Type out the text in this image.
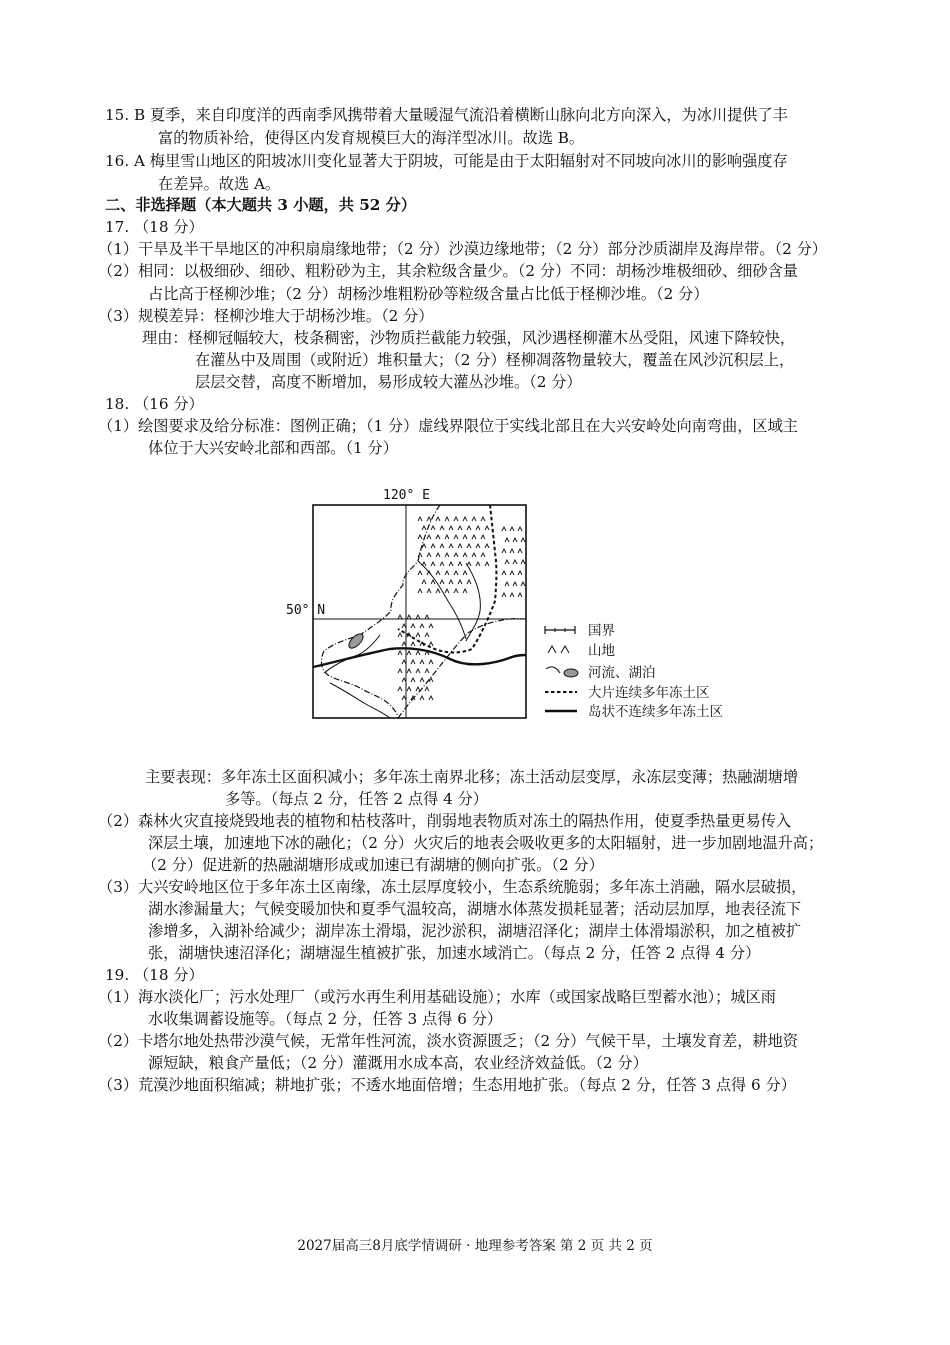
15. B 夏季，来自印度洋的西南季风携带着大量暖湿气流沿着横断山脉向北方向深入，为冰川提供了丰
富的物质补给，使得区内发育规模巨大的海洋型冰川。故选 B。
16. A 梅里雪山地区的阳坡冰川变化显著大于阴坡，可能是由于太阳辐射对不同坡向冰川的影响强度存
在差异。故选 A。
二、非选择题（本大题共 3 小题，共 52 分）
17. （18 分）
（1）干旱及半干旱地区的冲积扇扇缘地带；（2 分）沙漠边缘地带；（2 分）部分沙质湖岸及海岸带。（2 分）
（2）相同：以极细砂、细砂、粗粉砂为主，其余粒级含量少。（2 分）不同：胡杨沙堆极细砂、细砂含量
占比高于柽柳沙堆；（2 分）胡杨沙堆粗粉砂等粒级含量占比低于柽柳沙堆。（2 分）
（3）规模差异：柽柳沙堆大于胡杨沙堆。（2 分）
理由：柽柳冠幅较大，枝条稠密，沙物质拦截能力较强，风沙遇柽柳灌木丛受阻，风速下降较快，
在灌丛中及周围（或附近）堆积量大；（2 分）柽柳凋落物量较大，覆盖在风沙沉积层上，
层层交替，高度不断增加，易形成较大灌丛沙堆。（2 分）
18. （16 分）
（1）绘图要求及给分标准：图例正确；（1 分）虚线界限位于实线北部且在大兴安岭处向南弯曲，区域主
体位于大兴安岭北部和西部。（1 分）
120° E
50° N
国界
山地
河流、湖泊
大片连续多年冻土区
岛状不连续多年冻土区
主要表现：多年冻土区面积减小；多年冻土南界北移；冻土活动层变厚，永冻层变薄；热融湖塘增
多等。（每点 2 分，任答 2 点得 4 分）
（2）森林火灾直接烧毁地表的植物和枯枝落叶，削弱地表物质对冻土的隔热作用，使夏季热量更易传入
深层土壤，加速地下冰的融化；（2 分）火灾后的地表会吸收更多的太阳辐射，进一步加剧地温升高；
（2 分）促进新的热融湖塘形成或加速已有湖塘的侧向扩张。（2 分）
（3）大兴安岭地区位于多年冻土区南缘，冻土层厚度较小，生态系统脆弱；多年冻土消融，隔水层破损，
湖水渗漏量大；气候变暖加快和夏季气温较高，湖塘水体蒸发损耗显著；活动层加厚，地表径流下
渗增多，入湖补给减少；湖岸冻土滑塌，泥沙淤积，湖塘沼泽化；湖岸土体滑塌淤积，加之植被扩
张，湖塘快速沼泽化；湖塘湿生植被扩张，加速水域消亡。（每点 2 分，任答 2 点得 4 分）
19. （18 分）
（1）海水淡化厂；污水处理厂（或污水再生利用基础设施）；水库（或国家战略巨型蓄水池）；城区雨
水收集调蓄设施等。（每点 2 分，任答 3 点得 6 分）
（2）卡塔尔地处热带沙漠气候，无常年性河流，淡水资源匮乏；（2 分）气候干旱，土壤发育差，耕地资
源短缺，粮食产量低；（2 分）灌溉用水成本高，农业经济效益低。（2 分）
（3）荒漠沙地面积缩减；耕地扩张；不透水地面倍增；生态用地扩张。（每点 2 分，任答 3 点得 6 分）
2027届高三8月底学情调研 · 地理参考答案 第 2 页 共 2 页
